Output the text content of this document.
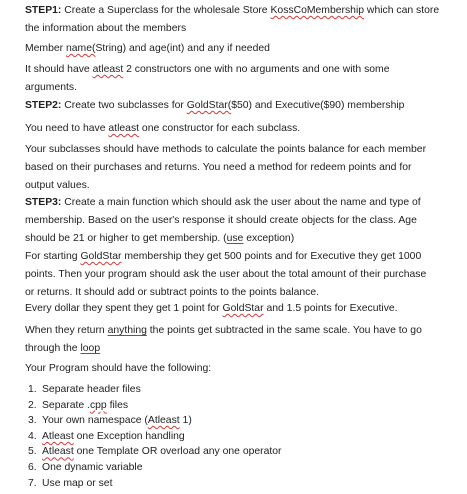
STEP1: Create a Superclass for the wholesale Store KossCoMembership which can store
the information about the members

Member name(String) and age(int) and any if needed

It should have atleast 2 constructors one with no arguments and one with some
arguments.

STEP2: Create two subclasses for GoldStar($50) and Executive($90) membership

You need to have atleast one constructor for each subclass.

Your subclasses should have methods to calculate the points balance for each member
based on their purchases and returns. You need a method for redeem points and for
output values.

STEP3: Create a main function which should ask the user about the name and type of
membership. Based on the user's response it should create objects for the class. Age
should be 21 or higher to get membership. (use exception)

For starting GoldStar membership they get 500 points and for Executive they get 1000
points. Then your program should ask the user about the total amount of their purchase
or returns. It should add or subtract points to the points balance.

Every dollar they spent they get 1 point for GoldStar and 1.5 points for Executive.

When they return anything the points get subtracted in the same scale. You have to go
through the loop

Your Program should have the following:

1. Separate header files
2. Separate .cpp files
3. Your own namespace (Atleast 1)
4. Atleast one Exception handling
5. Atleast one Template OR overload any one operator
6. One dynamic variable
7. Use map or set
